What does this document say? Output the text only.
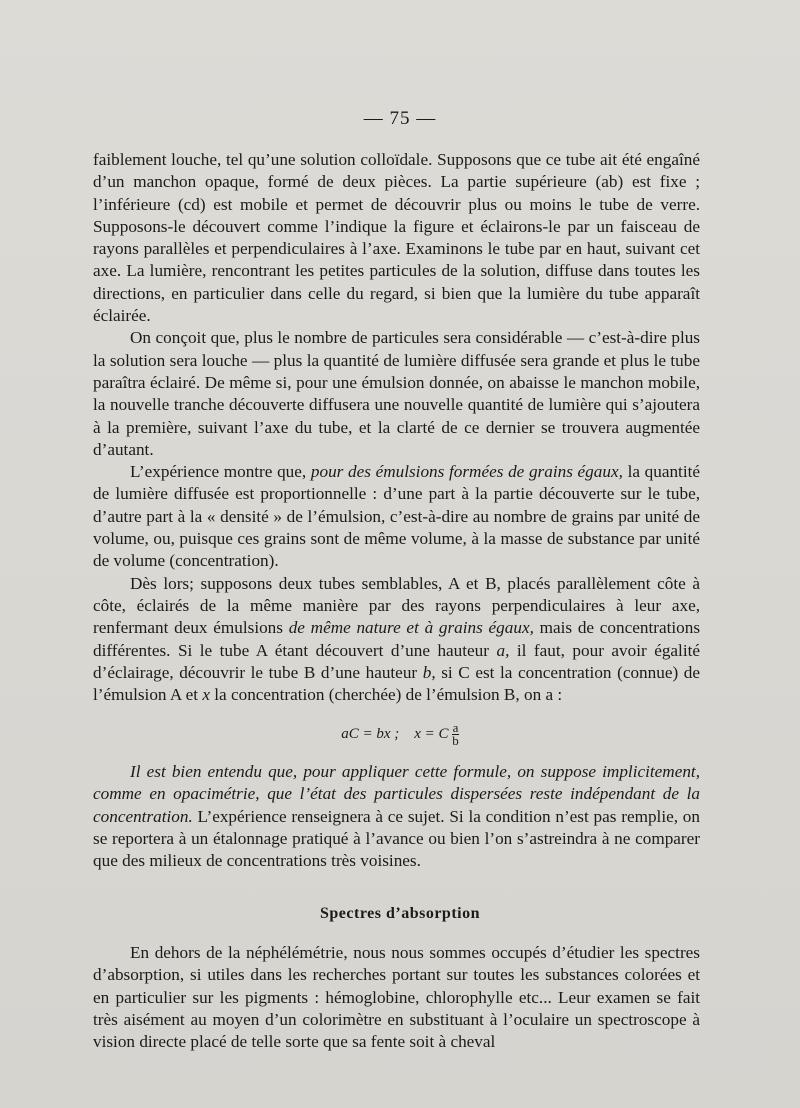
— 75 —

faiblement louche, tel qu’une solution colloïdale. Supposons que ce tube ait été engaîné d’un manchon opaque, formé de deux pièces. La partie supérieure (ab) est fixe ; l’inférieure (cd) est mobile et permet de découvrir plus ou moins le tube de verre. Supposons-le découvert comme l’indique la figure et éclairons-le par un faisceau de rayons parallèles et perpendiculaires à l’axe. Examinons le tube par en haut, suivant cet axe. La lumière, rencontrant les petites particules de la solution, diffuse dans toutes les directions, en particulier dans celle du regard, si bien que la lumière du tube apparaît éclairée.

On conçoit que, plus le nombre de particules sera considérable — c’est-à-dire plus la solution sera louche — plus la quantité de lumière diffusée sera grande et plus le tube paraîtra éclairé. De même si, pour une émulsion donnée, on abaisse le manchon mobile, la nouvelle tranche découverte diffusera une nouvelle quantité de lumière qui s’ajoutera à la première, suivant l’axe du tube, et la clarté de ce dernier se trouvera augmentée d’autant.

L’expérience montre que, pour des émulsions formées de grains égaux, la quantité de lumière diffusée est proportionnelle : d’une part à la partie découverte sur le tube, d’autre part à la « densité » de l’émulsion, c’est-à-dire au nombre de grains par unité de volume, ou, puisque ces grains sont de même volume, à la masse de substance par unité de volume (concentration).

Dès lors; supposons deux tubes semblables, A et B, placés parallèlement côte à côte, éclairés de la même manière par des rayons perpendiculaires à leur axe, renfermant deux émulsions de même nature et à grains égaux, mais de concentrations différentes. Si le tube A étant découvert d’une hauteur a, il faut, pour avoir égalité d’éclairage, découvrir le tube B d’une hauteur b, si C est la concentration (connue) de l’émulsion A et x la concentration (cherchée) de l’émulsion B, on a :

aC = bx ; x = C $\frac{a}{b}$

Il est bien entendu que, pour appliquer cette formule, on suppose implicitement, comme en opacimétrie, que l’état des particules dispersées reste indépendant de la concentration. L’expérience renseignera à ce sujet. Si la condition n’est pas remplie, on se reportera à un étalonnage pratiqué à l’avance ou bien l’on s’astreindra à ne comparer que des milieux de concentrations très voisines.

Spectres d’absorption

En dehors de la néphélémétrie, nous nous sommes occupés d’étudier les spectres d’absorption, si utiles dans les recherches portant sur toutes les substances colorées et en particulier sur les pigments : hémoglobine, chlorophylle etc... Leur examen se fait très aisément au moyen d’un colorimètre en substituant à l’oculaire un spectroscope à vision directe placé de telle sorte que sa fente soit à cheval
